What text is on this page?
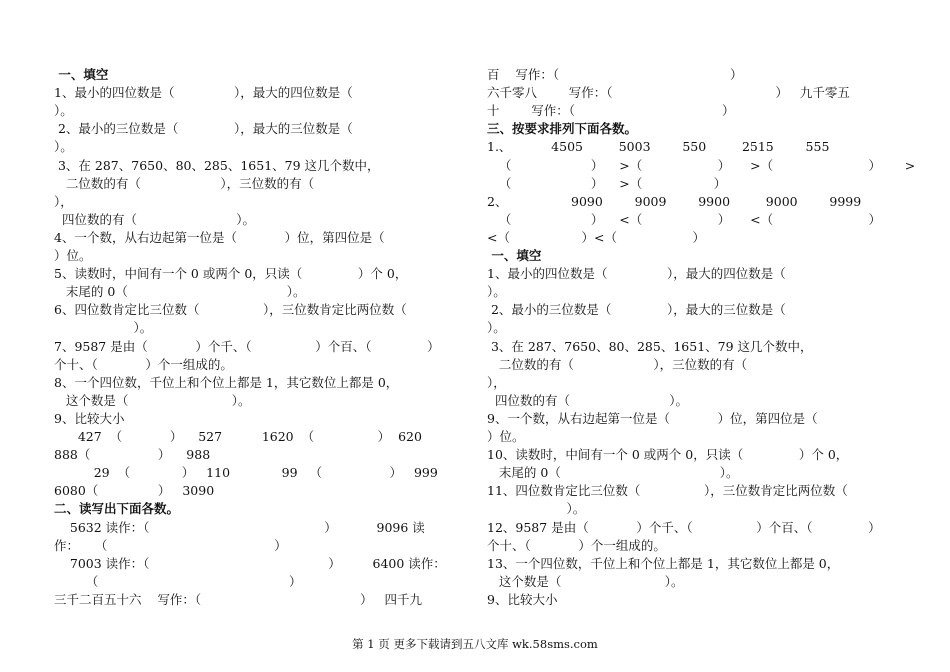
一、填空
1、最小的四位数是（               ），最大的四位数是（
）。
2、最小的三位数是（              ），最大的三位数是（
）。
3、在 287、7650、80、285、1651、79 这几个数中，
二位数的有（                    ），三位数的有（
），
四位数的有（                         ）。
4、一个数，从右边起第一位是（            ）位，第四位是（
）位。
5、读数时，中间有一个 0 或两个 0，只读（              ）个 0，
末尾的 0（                                        ）。
6、四位数肯定比三位数（                ），三位数肯定比两位数（
）。
7、9587 是由（            ）个千、（                ）个百、（              ）
个十、（            ）个一组成的。
8、一个四位数，千位上和个位上都是 1，其它数位上都是 0，
这个数是（                          ）。
9、比较大小
427  （            ）    527          1620  （                ）  620
888（                 ）    988
29  （             ）   110             99   （                 ）   999
6080（               ）   3090
二、读写出下面各数。
5632 读作：（                                            ）          9096 读
作：    （                                          ）
7003 读作：（                                             ）        6400 读作：
（                                                ）
三千二百五十六    写作：（                                        ）   四千九
百    写作：（                                           ）
六千零八        写作：（                                         ）   九千零五
十        写作：（                                     ）
三、按要求排列下面各数。
1.、          4505         5003        550         2515        555
（                    ）    >（                   ）     >（                        ）      >
（                    ）    >（                  ）
2、                9090        9009        9900         9000        9999
（                    ）    <（                   ）     <（                        ）
<（                  ）<（                   ）
一、填空
1、最小的四位数是（               ），最大的四位数是（
）。
2、最小的三位数是（              ），最大的三位数是（
）。
3、在 287、7650、80、285、1651、79 这几个数中，
二位数的有（                    ），三位数的有（
），
四位数的有（                         ）。
9、一个数，从右边起第一位是（            ）位，第四位是（
）位。
10、读数时，中间有一个 0 或两个 0，只读（              ）个 0，
末尾的 0（                                        ）。
11、四位数肯定比三位数（                ），三位数肯定比两位数（
）。
12、9587 是由（            ）个千、（                ）个百、（              ）
个十、（            ）个一组成的。
13、一个四位数，千位上和个位上都是 1，其它数位上都是 0，
这个数是（                          ）。
9、比较大小
第 1 页 更多下载请到五八文库 wk.58sms.com
